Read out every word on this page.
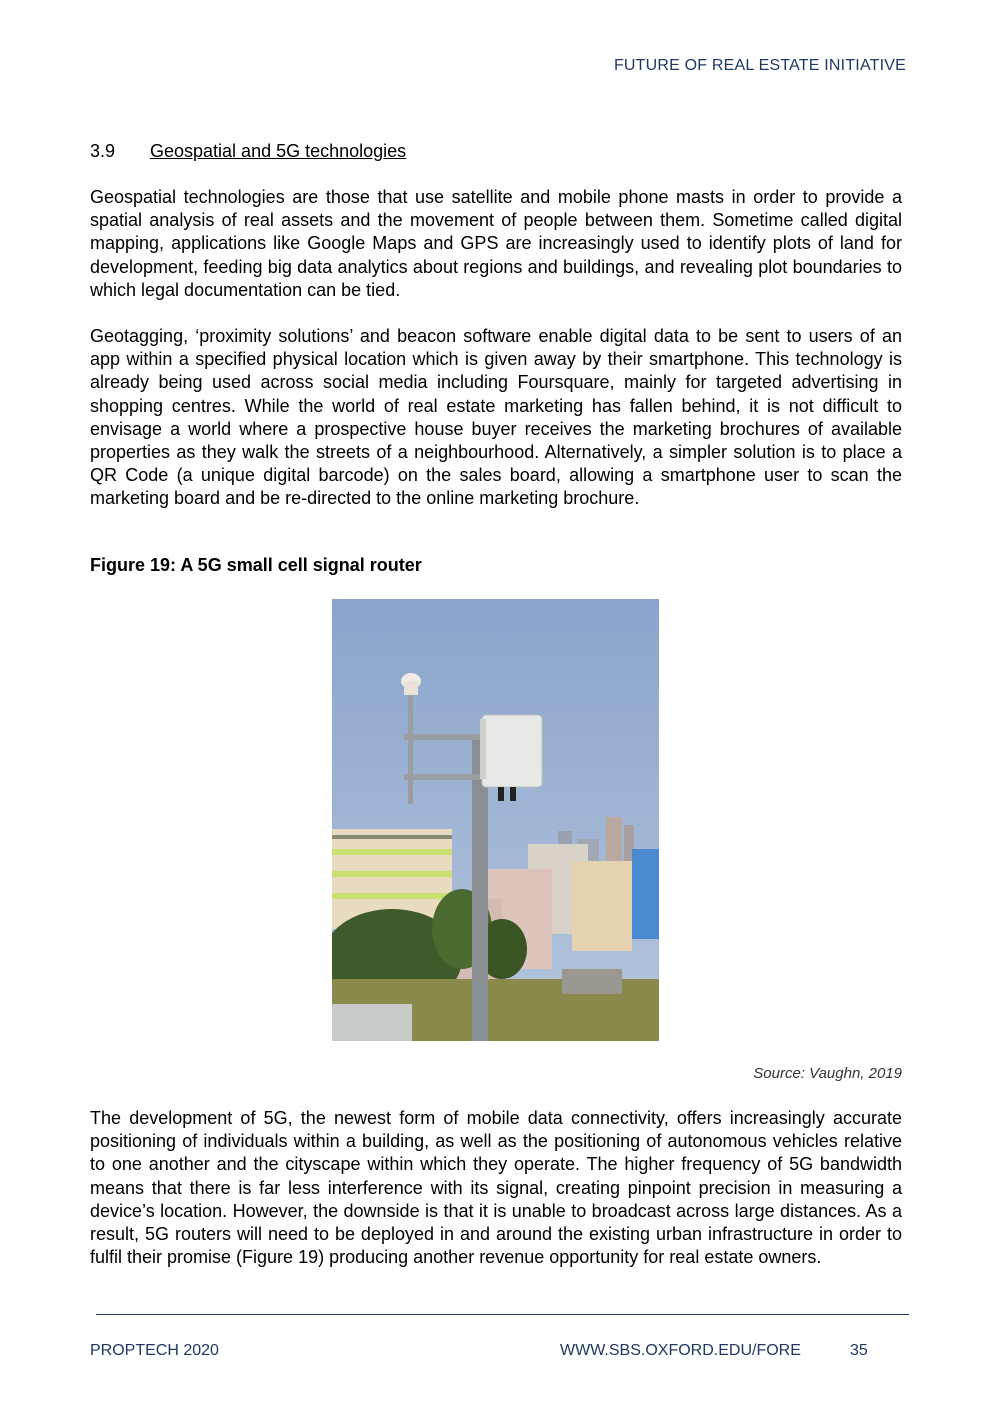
FUTURE OF REAL ESTATE INITIATIVE
3.9 Geospatial and 5G technologies

Geospatial technologies are those that use satellite and mobile phone masts in order to provide a spatial analysis of real assets and the movement of people between them. Sometime called digital mapping, applications like Google Maps and GPS are increasingly used to identify plots of land for development, feeding big data analytics about regions and buildings, and revealing plot boundaries to which legal documentation can be tied.

Geotagging, ‘proximity solutions’ and beacon software enable digital data to be sent to users of an app within a specified physical location which is given away by their smartphone. This technology is already being used across social media including Foursquare, mainly for targeted advertising in shopping centres. While the world of real estate marketing has fallen behind, it is not difficult to envisage a world where a prospective house buyer receives the marketing brochures of available properties as they walk the streets of a neighbourhood. Alternatively, a simpler solution is to place a QR Code (a unique digital barcode) on the sales board, allowing a smartphone user to scan the marketing board and be re-directed to the online marketing brochure.

Figure 19: A 5G small cell signal router
Source: Vaughn, 2019

The development of 5G, the newest form of mobile data connectivity, offers increasingly accurate positioning of individuals within a building, as well as the positioning of autonomous vehicles relative to one another and the cityscape within which they operate. The higher frequency of 5G bandwidth means that there is far less interference with its signal, creating pinpoint precision in measuring a device’s location. However, the downside is that it is unable to broadcast across large distances. As a result, 5G routers will need to be deployed in and around the existing urban infrastructure in order to fulfil their promise (Figure 19) producing another revenue opportunity for real estate owners.

PROPTECH 2020	WWW.SBS.OXFORD.EDU/FORE	35
